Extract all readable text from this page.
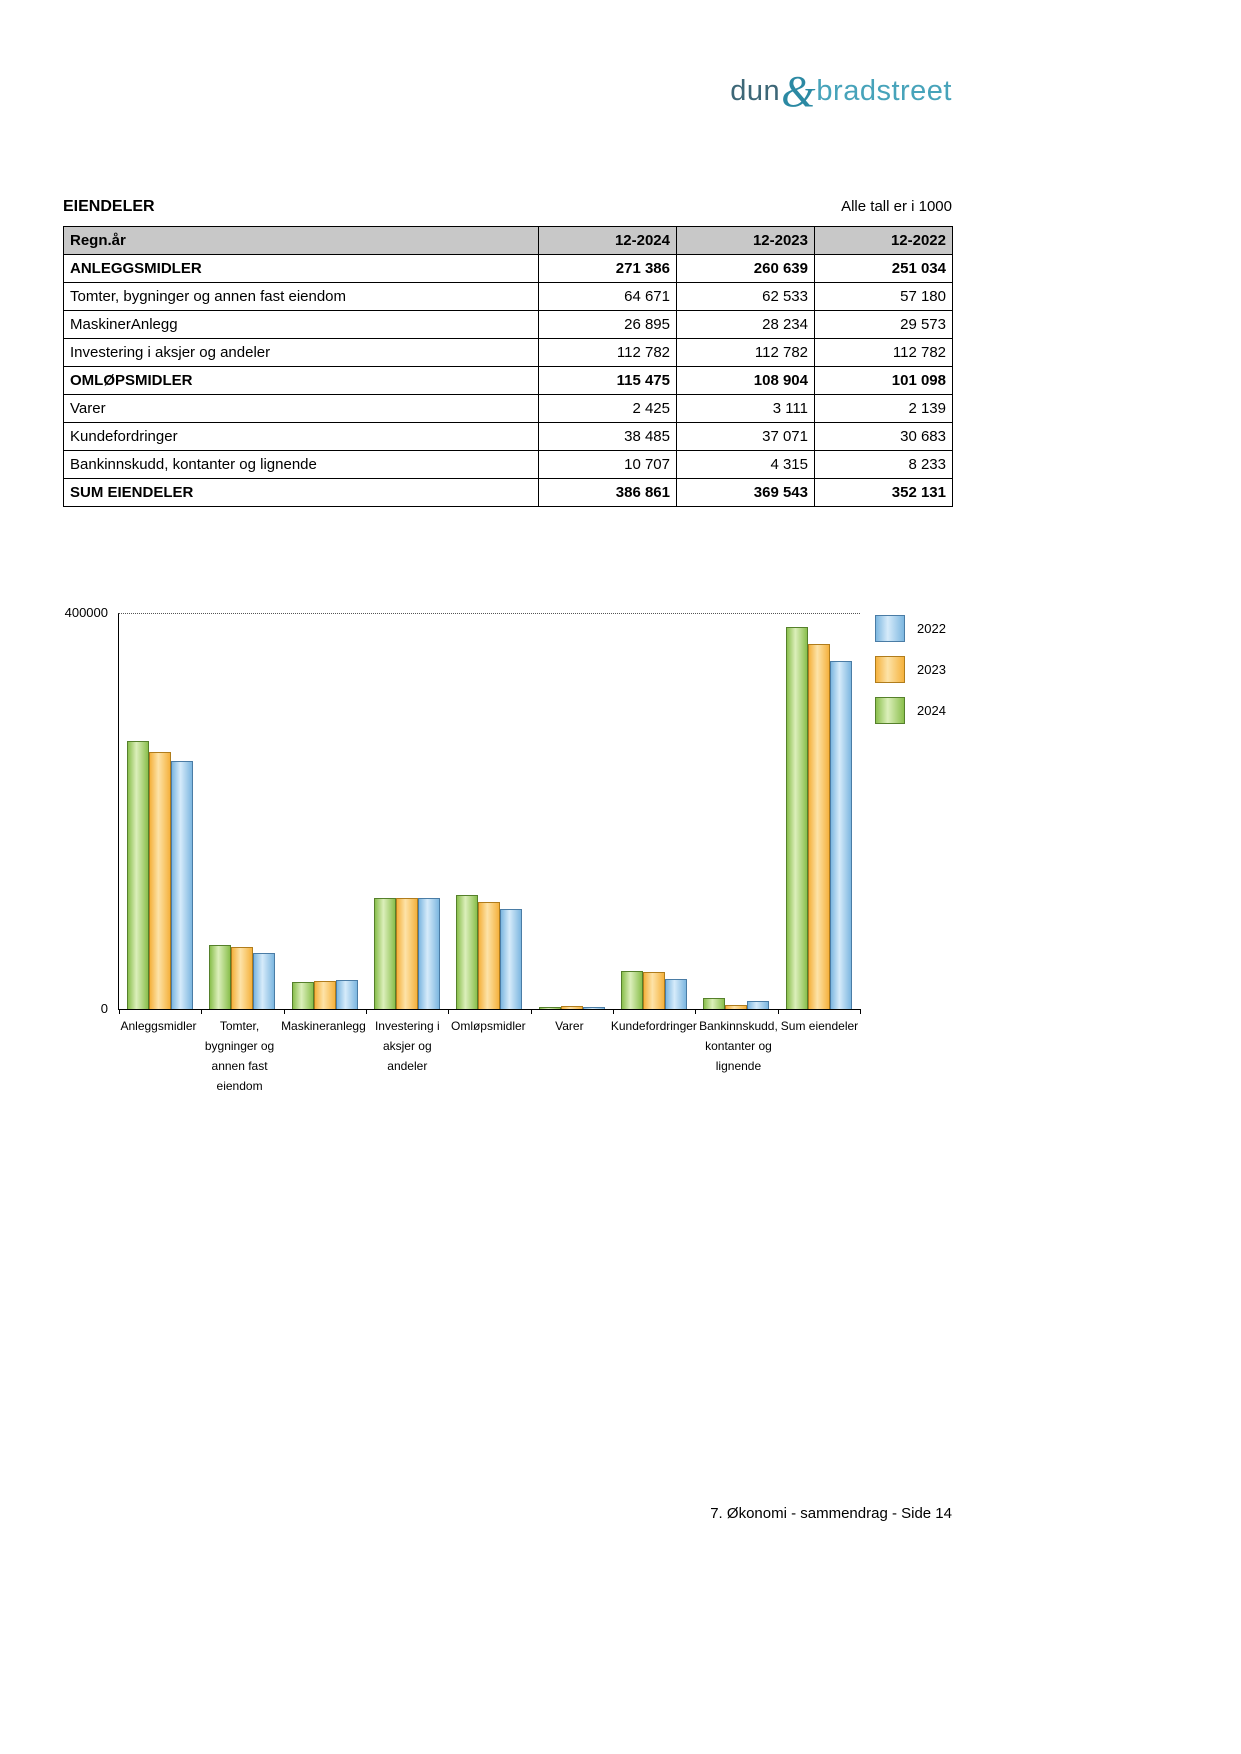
dun&bradstreet
EIENDELER	Alle tall er i 1000
Regn.år	12-2024	12-2023	12-2022
ANLEGGSMIDLER	271 386	260 639	251 034
Tomter, bygninger og annen fast eiendom	64 671	62 533	57 180
MaskinerAnlegg	26 895	28 234	29 573
Investering i aksjer og andeler	112 782	112 782	112 782
OMLØPSMIDLER	115 475	108 904	101 098
Varer	2 425	3 111	2 139
Kundefordringer	38 485	37 071	30 683
Bankinnskudd, kontanter og lignende	10 707	4 315	8 233
SUM EIENDELER	386 861	369 543	352 131
400000
0
Anleggsmidler	Tomter, bygninger og annen fast eiendom
Maskineranlegg Investering i aksjer og andeler
Omløpsmidler	Varer	Kundefordringer Bankinnskudd, kontanter og lignende
Sum eiendeler
2022
2023
2024
7. Økonomi - sammendrag - Side 14
